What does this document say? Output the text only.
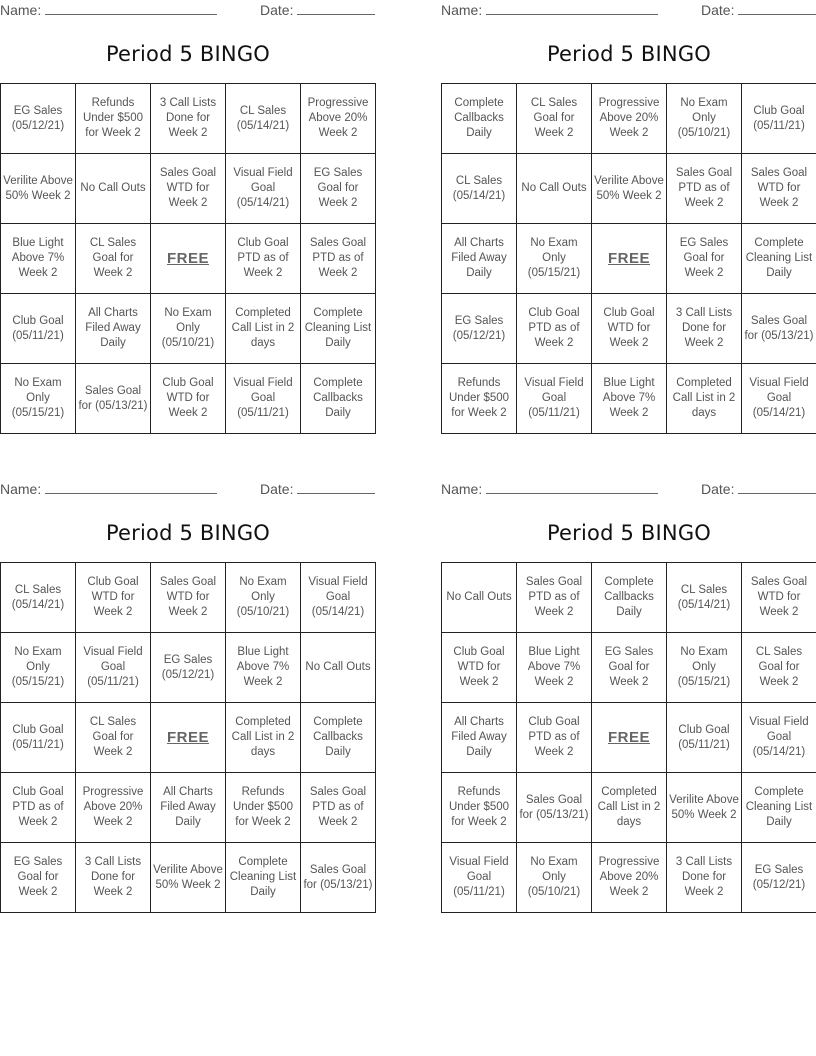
Name:	Date:
Period 5 BINGO
EG Sales (05/12/21)	Refunds Under $500 for Week 2	3 Call Lists Done for Week 2	CL Sales (05/14/21)	Progressive Above 20% Week 2
Verilite Above 50% Week 2	No Call Outs	Sales Goal WTD for Week 2	Visual Field Goal (05/14/21)	EG Sales Goal for Week 2
Blue Light Above 7% Week 2	CL Sales Goal for Week 2	FREE	Club Goal PTD as of Week 2	Sales Goal PTD as of Week 2
Club Goal (05/11/21)	All Charts Filed Away Daily	No Exam Only (05/10/21)	Completed Call List in 2 days	Complete Cleaning List Daily
No Exam Only (05/15/21)	Sales Goal for (05/13/21)	Club Goal WTD for Week 2	Visual Field Goal (05/11/21)	Complete Callbacks Daily
Name:	Date:
Period 5 BINGO
Complete Callbacks Daily	CL Sales Goal for Week 2	Progressive Above 20% Week 2	No Exam Only (05/10/21)	Club Goal (05/11/21)
CL Sales (05/14/21)	No Call Outs	Verilite Above 50% Week 2	Sales Goal PTD as of Week 2	Sales Goal WTD for Week 2
All Charts Filed Away Daily	No Exam Only (05/15/21)	FREE	EG Sales Goal for Week 2	Complete Cleaning List Daily
EG Sales (05/12/21)	Club Goal PTD as of Week 2	Club Goal WTD for Week 2	3 Call Lists Done for Week 2	Sales Goal for (05/13/21)
Refunds Under $500 for Week 2	Visual Field Goal (05/11/21)	Blue Light Above 7% Week 2	Completed Call List in 2 days	Visual Field Goal (05/14/21)
Name:	Date:
Period 5 BINGO
CL Sales (05/14/21)	Club Goal WTD for Week 2	Sales Goal WTD for Week 2	No Exam Only (05/10/21)	Visual Field Goal (05/14/21)
No Exam Only (05/15/21)	Visual Field Goal (05/11/21)	EG Sales (05/12/21)	Blue Light Above 7% Week 2	No Call Outs
Club Goal (05/11/21)	CL Sales Goal for Week 2	FREE	Completed Call List in 2 days	Complete Callbacks Daily
Club Goal PTD as of Week 2	Progressive Above 20% Week 2	All Charts Filed Away Daily	Refunds Under $500 for Week 2	Sales Goal PTD as of Week 2
EG Sales Goal for Week 2	3 Call Lists Done for Week 2	Verilite Above 50% Week 2	Complete Cleaning List Daily	Sales Goal for (05/13/21)
Name:	Date:
Period 5 BINGO
No Call Outs	Sales Goal PTD as of Week 2	Complete Callbacks Daily	CL Sales (05/14/21)	Sales Goal WTD for Week 2
Club Goal WTD for Week 2	Blue Light Above 7% Week 2	EG Sales Goal for Week 2	No Exam Only (05/15/21)	CL Sales Goal for Week 2
All Charts Filed Away Daily	Club Goal PTD as of Week 2	FREE	Club Goal (05/11/21)	Visual Field Goal (05/14/21)
Refunds Under $500 for Week 2	Sales Goal for (05/13/21)	Completed Call List in 2 days	Verilite Above 50% Week 2	Complete Cleaning List Daily
Visual Field Goal (05/11/21)	No Exam Only (05/10/21)	Progressive Above 20% Week 2	3 Call Lists Done for Week 2	EG Sales (05/12/21)
